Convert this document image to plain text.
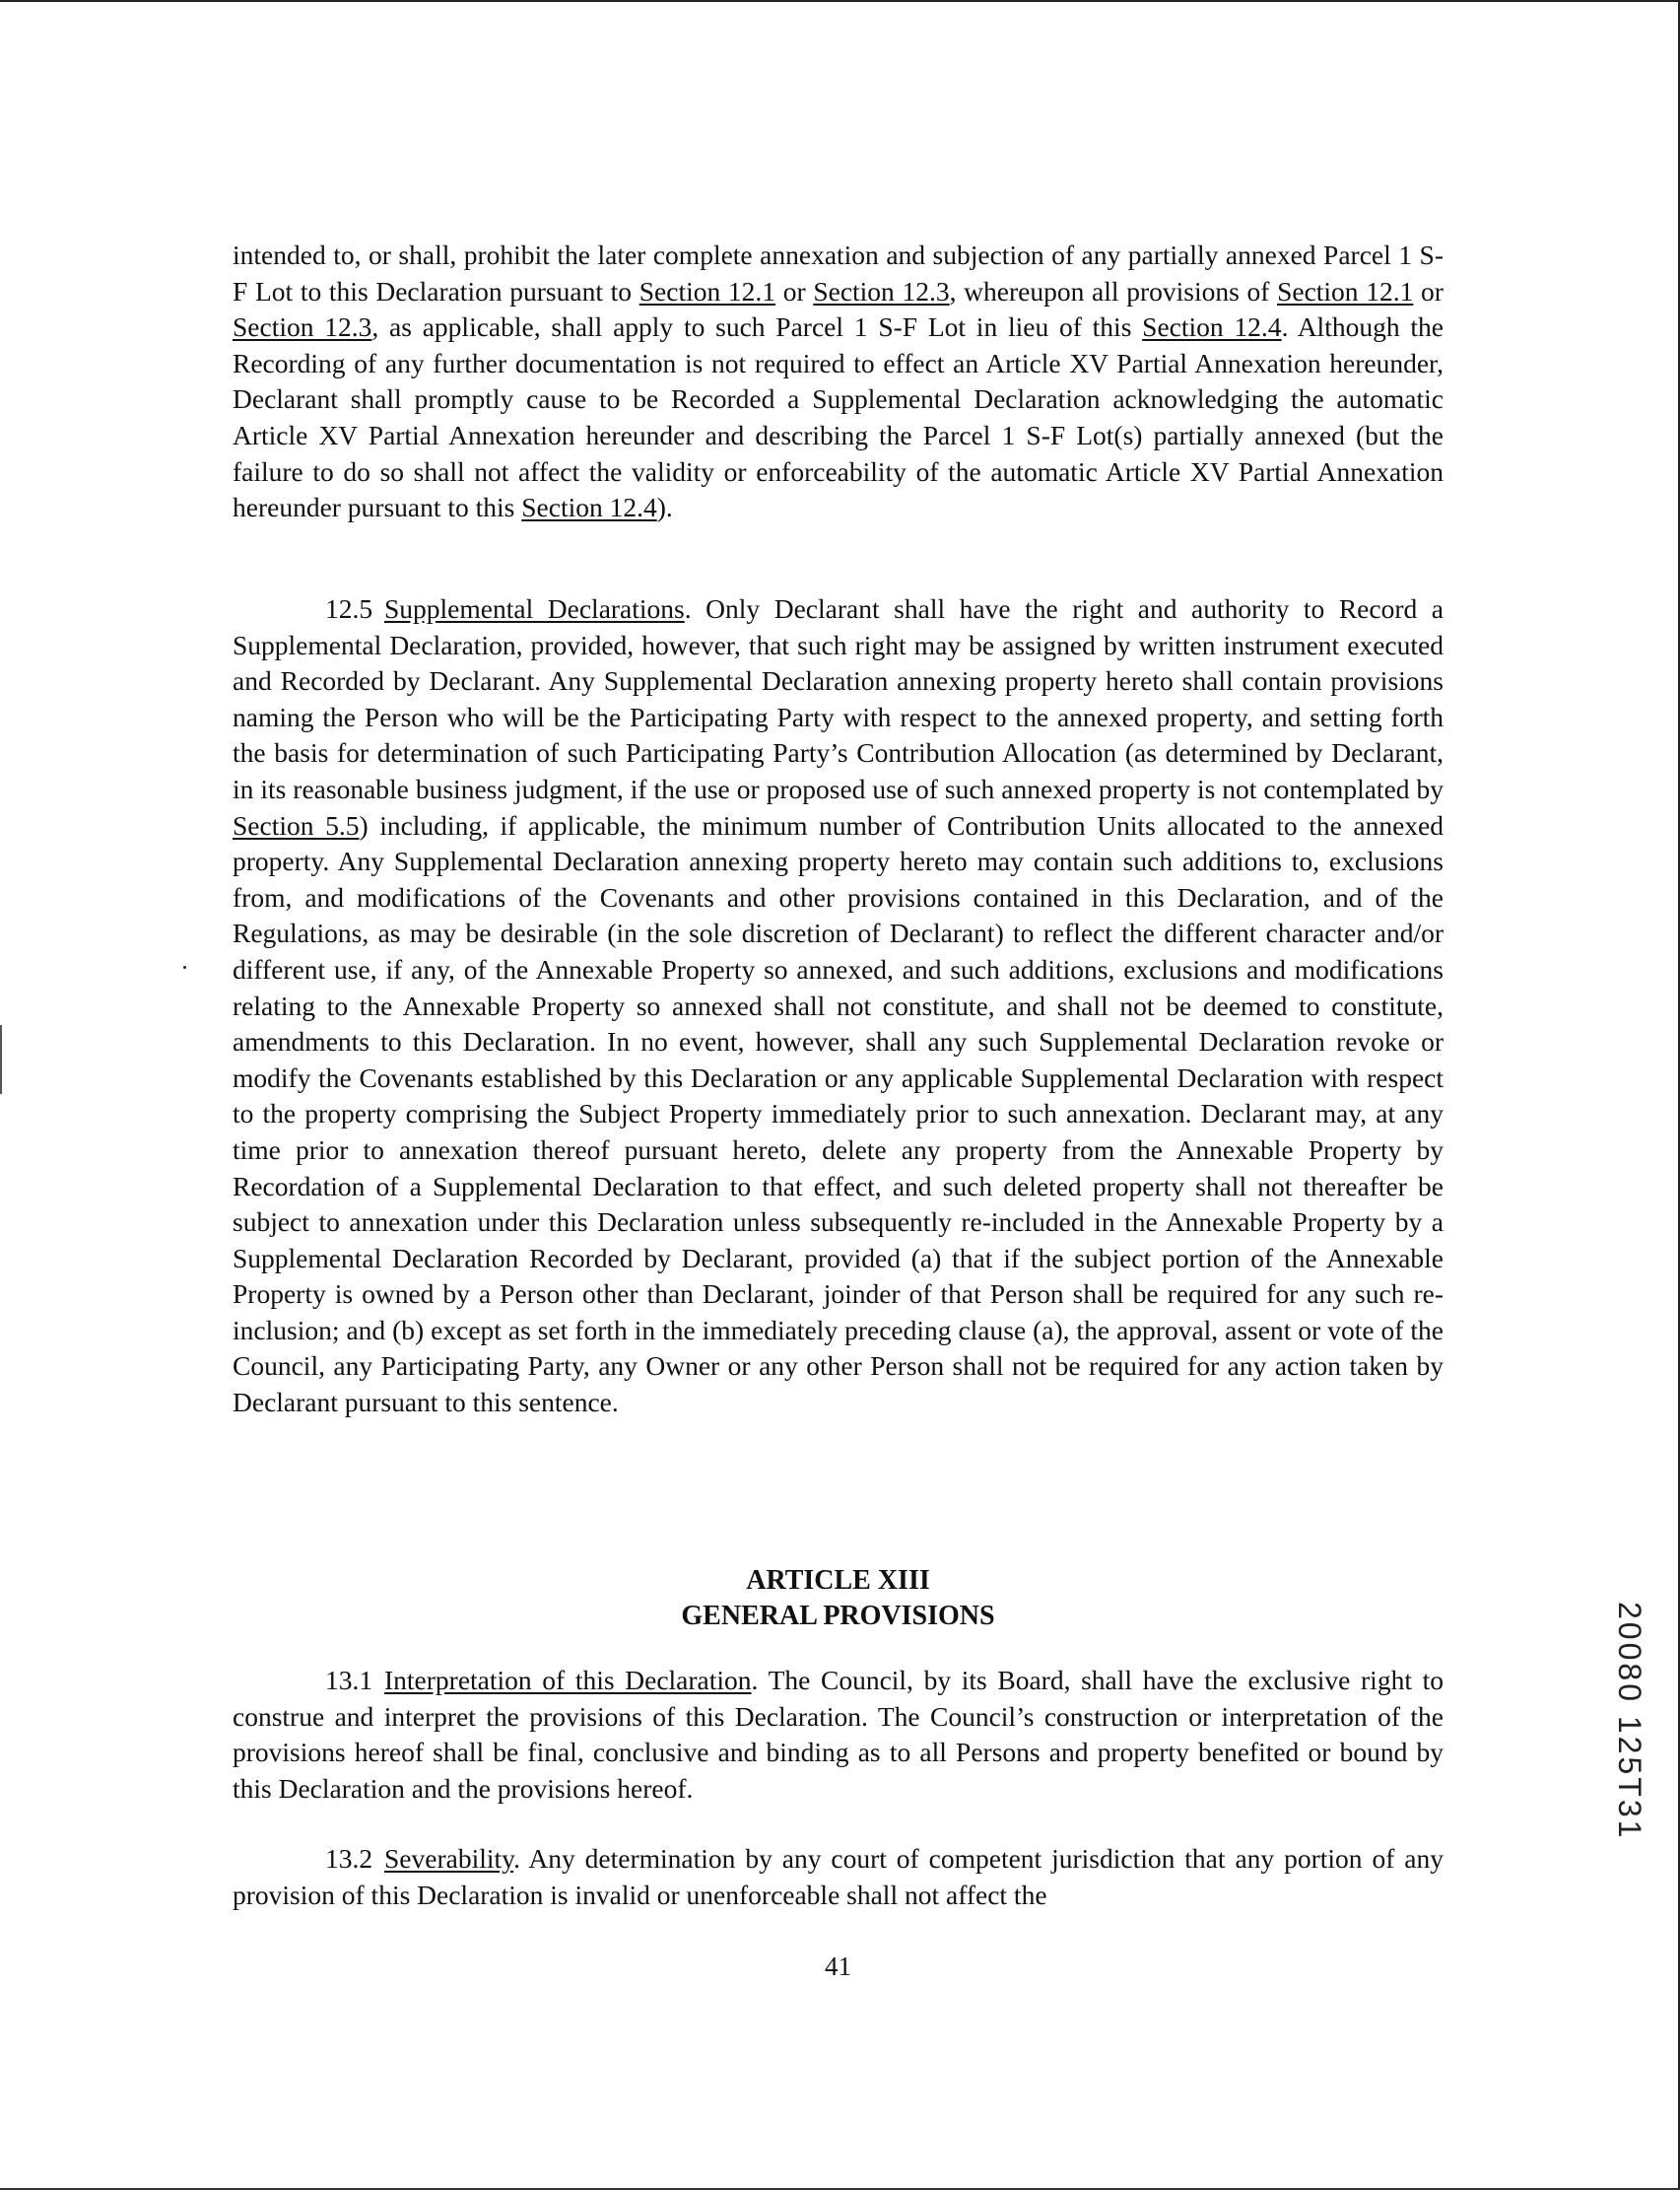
intended to, or shall, prohibit the later complete annexation and subjection of any partially annexed Parcel 1 S-F Lot to this Declaration pursuant to Section 12.1 or Section 12.3, whereupon all provisions of Section 12.1 or Section 12.3, as applicable, shall apply to such Parcel 1 S-F Lot in lieu of this Section 12.4. Although the Recording of any further documentation is not required to effect an Article XV Partial Annexation hereunder, Declarant shall promptly cause to be Recorded a Supplemental Declaration acknowledging the automatic Article XV Partial Annexation hereunder and describing the Parcel 1 S-F Lot(s) partially annexed (but the failure to do so shall not affect the validity or enforceability of the automatic Article XV Partial Annexation hereunder pursuant to this Section 12.4).

12.5 Supplemental Declarations. Only Declarant shall have the right and authority to Record a Supplemental Declaration, provided, however, that such right may be assigned by written instrument executed and Recorded by Declarant. Any Supplemental Declaration annexing property hereto shall contain provisions naming the Person who will be the Participating Party with respect to the annexed property, and setting forth the basis for determination of such Participating Party’s Contribution Allocation (as determined by Declarant, in its reasonable business judgment, if the use or proposed use of such annexed property is not contemplated by Section 5.5) including, if applicable, the minimum number of Contribution Units allocated to the annexed property. Any Supplemental Declaration annexing property hereto may contain such additions to, exclusions from, and modifications of the Covenants and other provisions contained in this Declaration, and of the Regulations, as may be desirable (in the sole discretion of Declarant) to reflect the different character and/or different use, if any, of the Annexable Property so annexed, and such additions, exclusions and modifications relating to the Annexable Property so annexed shall not constitute, and shall not be deemed to constitute, amendments to this Declaration. In no event, however, shall any such Supplemental Declaration revoke or modify the Covenants established by this Declaration or any applicable Supplemental Declaration with respect to the property comprising the Subject Property immediately prior to such annexation. Declarant may, at any time prior to annexation thereof pursuant hereto, delete any property from the Annexable Property by Recordation of a Supplemental Declaration to that effect, and such deleted property shall not thereafter be subject to annexation under this Declaration unless subsequently re-included in the Annexable Property by a Supplemental Declaration Recorded by Declarant, provided (a) that if the subject portion of the Annexable Property is owned by a Person other than Declarant, joinder of that Person shall be required for any such re-inclusion; and (b) except as set forth in the immediately preceding clause (a), the approval, assent or vote of the Council, any Participating Party, any Owner or any other Person shall not be required for any action taken by Declarant pursuant to this sentence.

ARTICLE XIII
GENERAL PROVISIONS

13.1 Interpretation of this Declaration. The Council, by its Board, shall have the exclusive right to construe and interpret the provisions of this Declaration. The Council’s construction or interpretation of the provisions hereof shall be final, conclusive and binding as to all Persons and property benefited or bound by this Declaration and the provisions hereof.

13.2 Severability. Any determination by any court of competent jurisdiction that any portion of any provision of this Declaration is invalid or unenforceable shall not affect the

41
20080 125T31
